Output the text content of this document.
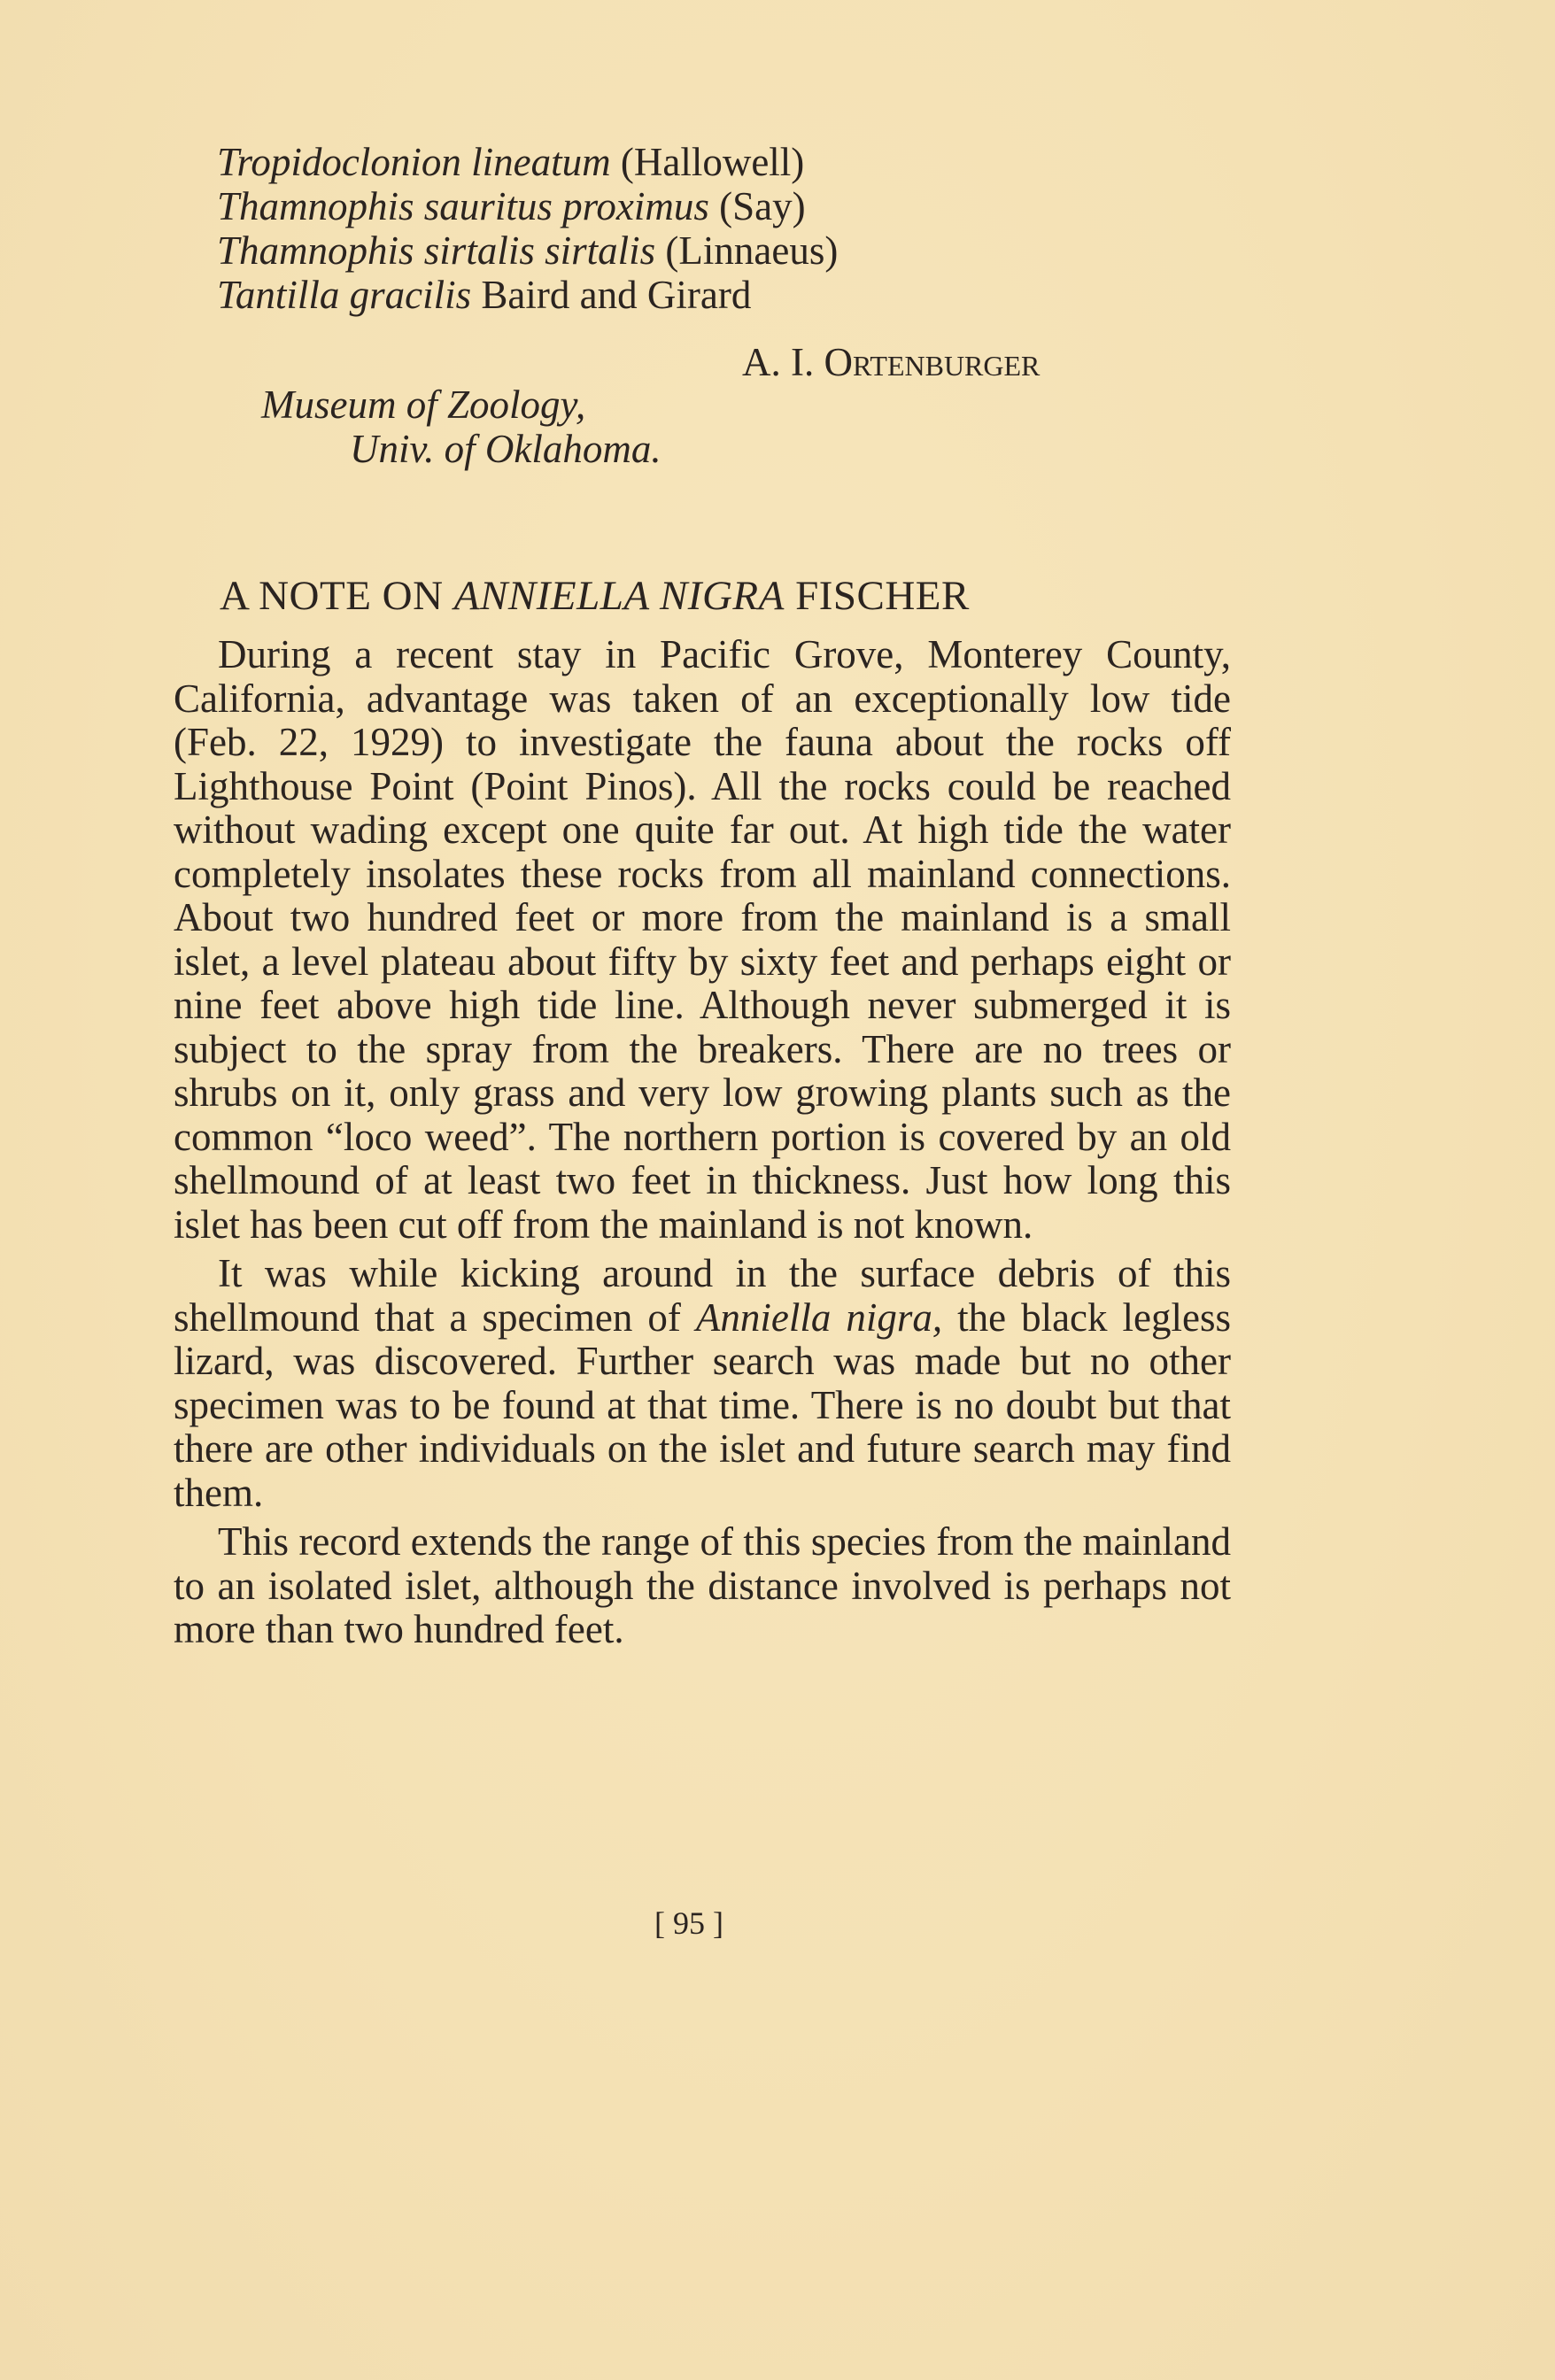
Tropidoclonion lineatum (Hallowell)
Thamnophis sauritus proximus (Say)
Thamnophis sirtalis sirtalis (Linnaeus)
Tantilla gracilis Baird and Girard
A. I. Ortenburger
Museum of Zoology,
Univ. of Oklahoma.
A NOTE ON ANNIELLA NIGRA FISCHER

During a recent stay in Pacific Grove, Monterey County, California, advantage was taken of an exceptionally low tide (Feb. 22, 1929) to investigate the fauna about the rocks off Lighthouse Point (Point Pinos). All the rocks could be reached without wading except one quite far out. At high tide the water completely insolates these rocks from all mainland connections. About two hundred feet or more from the mainland is a small islet, a level plateau about fifty by sixty feet and perhaps eight or nine feet above high tide line. Although never submerged it is subject to the spray from the breakers. There are no trees or shrubs on it, only grass and very low growing plants such as the common “loco weed”. The northern portion is covered by an old shellmound of at least two feet in thickness. Just how long this islet has been cut off from the mainland is not known.

It was while kicking around in the surface debris of this shellmound that a specimen of Anniella nigra, the black legless lizard, was discovered. Further search was made but no other specimen was to be found at that time. There is no doubt but that there are other individuals on the islet and future search may find them.

This record extends the range of this species from the mainland to an isolated islet, although the distance involved is perhaps not more than two hundred feet.

[ 95 ]
